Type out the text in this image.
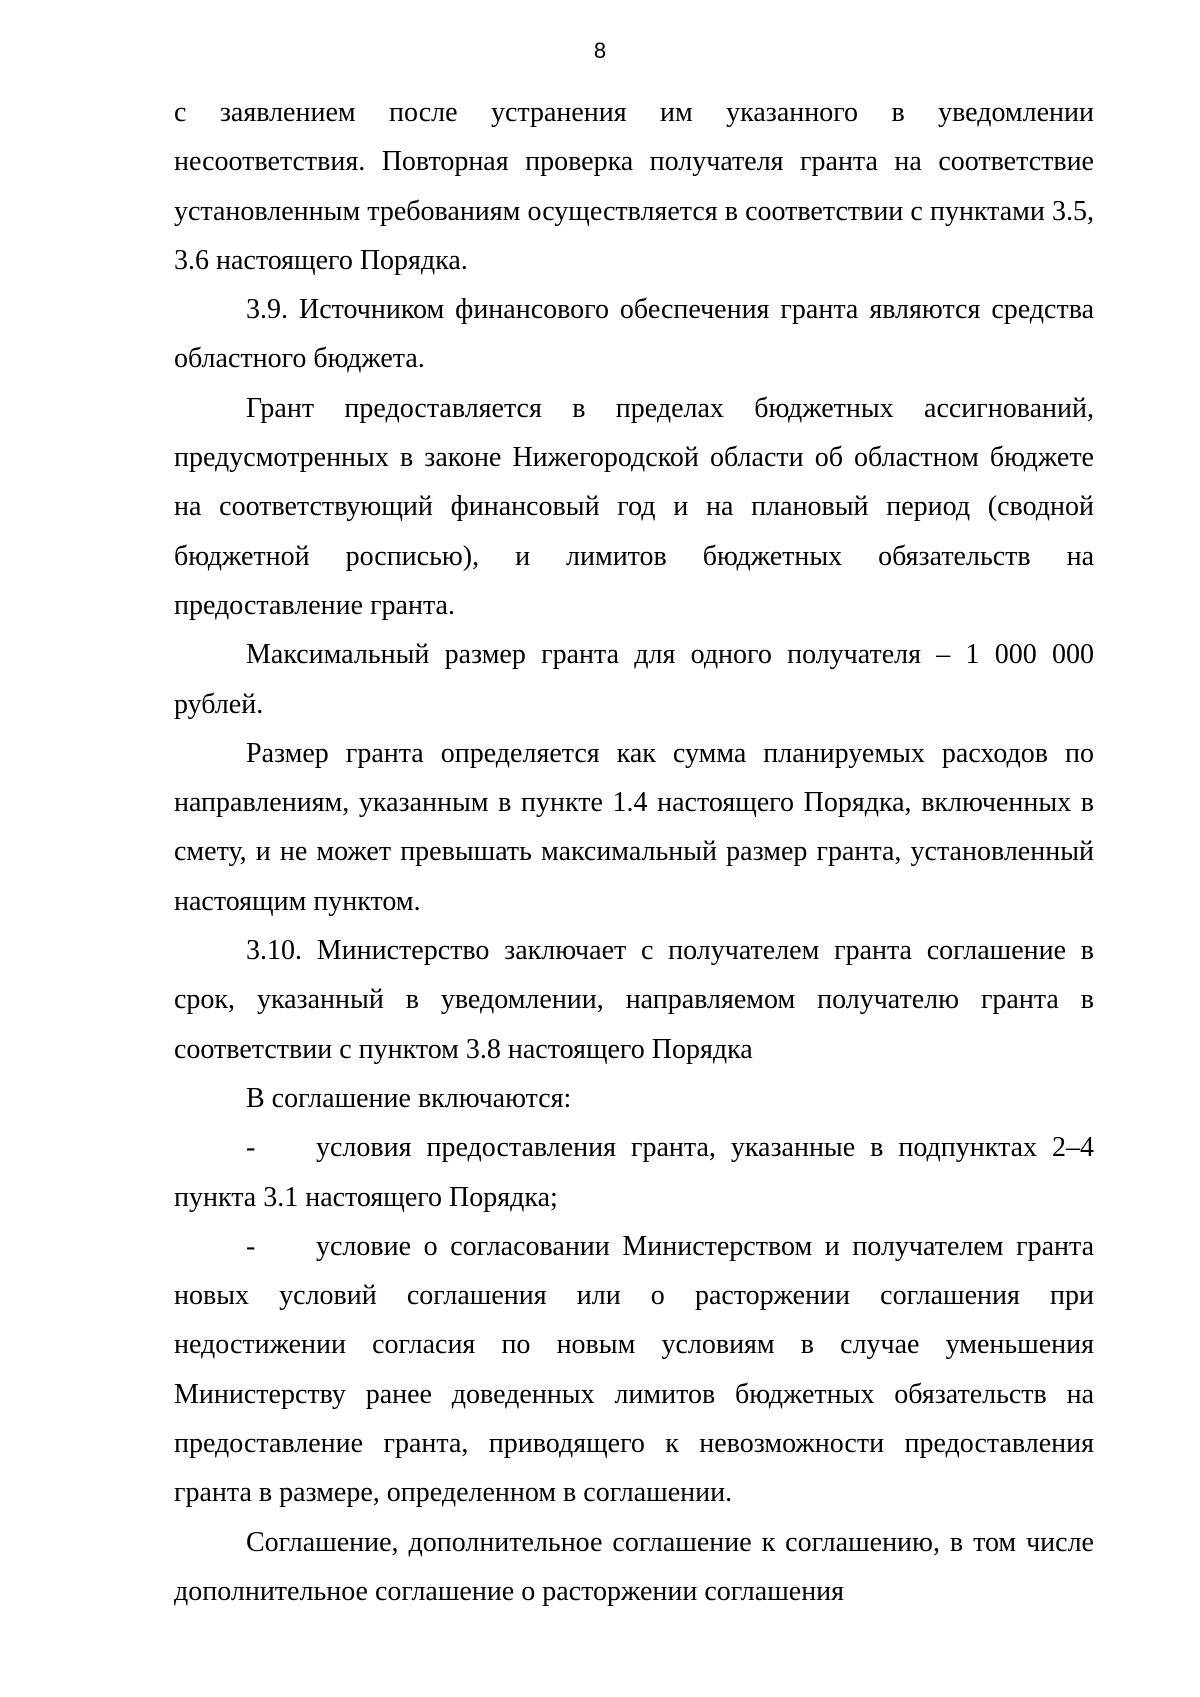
8

с заявлением после устранения им указанного в уведомлении несоответствия. Повторная проверка получателя гранта на соответствие установленным требованиям осуществляется в соответствии с пунктами 3.5, 3.6 настоящего Порядка.

3.9. Источником финансового обеспечения гранта являются средства областного бюджета.

Грант предоставляется в пределах бюджетных ассигнований, предусмотренных в законе Нижегородской области об областном бюджете на соответствующий финансовый год и на плановый период (сводной бюджетной росписью), и лимитов бюджетных обязательств на предоставление гранта.

Максимальный размер гранта для одного получателя – 1 000 000 рублей.

Размер гранта определяется как сумма планируемых расходов по направлениям, указанным в пункте 1.4 настоящего Порядка, включенных в смету, и не может превышать максимальный размер гранта, установленный настоящим пунктом.

3.10. Министерство заключает с получателем гранта соглашение в срок, указанный в уведомлении, направляемом получателю гранта в соответствии с пунктом 3.8 настоящего Порядка

В соглашение включаются:

- условия предоставления гранта, указанные в подпунктах 2–4 пункта 3.1 настоящего Порядка;

- условие о согласовании Министерством и получателем гранта новых условий соглашения или о расторжении соглашения при недостижении согласия по новым условиям в случае уменьшения Министерству ранее доведенных лимитов бюджетных обязательств на предоставление гранта, приводящего к невозможности предоставления гранта в размере, определенном в соглашении.

Соглашение, дополнительное соглашение к соглашению, в том числе дополнительное соглашение о расторжении соглашения
